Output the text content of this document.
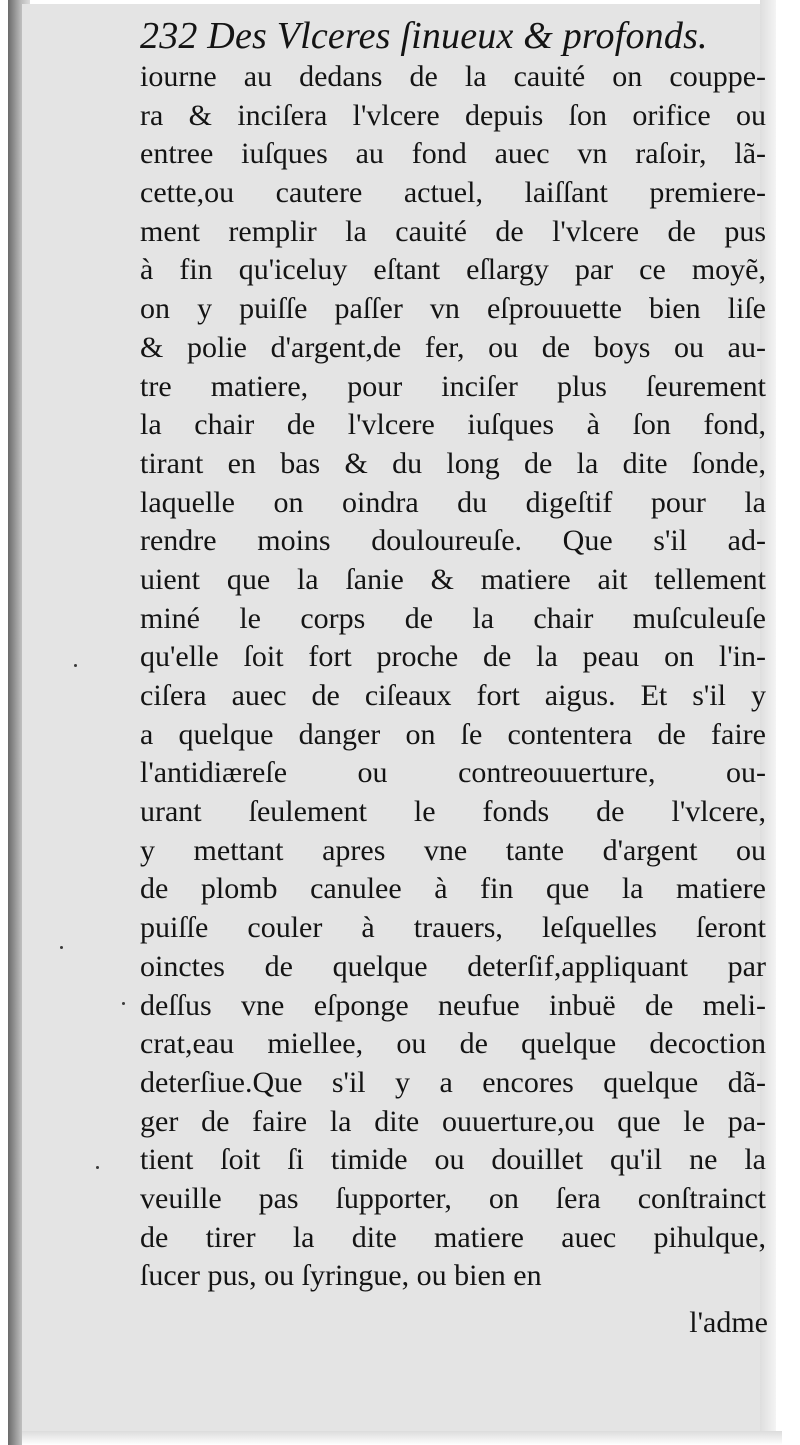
232 Des Vlceres ſinueux & profonds.
iourne au dedans de la cauité on couppe-
ra & inciſera l'vlcere depuis ſon orifice ou
entree iuſques au fond auec vn raſoir, lã-
cette,ou cautere actuel, laiſſant premiere-
ment remplir la cauité de l'vlcere de pus
à fin qu'iceluy eſtant eſlargy par ce moyẽ,
on y puiſſe paſſer vn eſprouuette bien liſe
& polie d'argent,de fer, ou de boys ou au-
tre matiere, pour inciſer plus ſeurement
la chair de l'vlcere iuſques à ſon fond,
tirant en bas & du long de la dite ſonde,
laquelle on oindra du digeſtif pour la
rendre moins douloureuſe. Que s'il ad-
uient que la ſanie & matiere ait tellement
miné le corps de la chair muſculeuſe
qu'elle ſoit fort proche de la peau on l'in-
ciſera auec de ciſeaux fort aigus. Et s'il y
a quelque danger on ſe contentera de faire
l'antidiæreſe ou contreouuerture, ou-
urant ſeulement le fonds de l'vlcere,
y mettant apres vne tante d'argent ou
de plomb canulee à fin que la matiere
puiſſe couler à trauers, leſquelles ſeront
oinctes de quelque deterſif,appliquant par
deſſus vne eſponge neufue inbuë de meli-
crat,eau miellee, ou de quelque decoction
deterſiue.Que s'il y a encores quelque dã-
ger de faire la dite ouuerture,ou que le pa-
tient ſoit ſi timide ou douillet qu'il ne la
veuille pas ſupporter, on ſera conſtrainct
de tirer la dite matiere auec pihulque,
ſucer pus, ou ſyringue, ou bien en
l'adme
